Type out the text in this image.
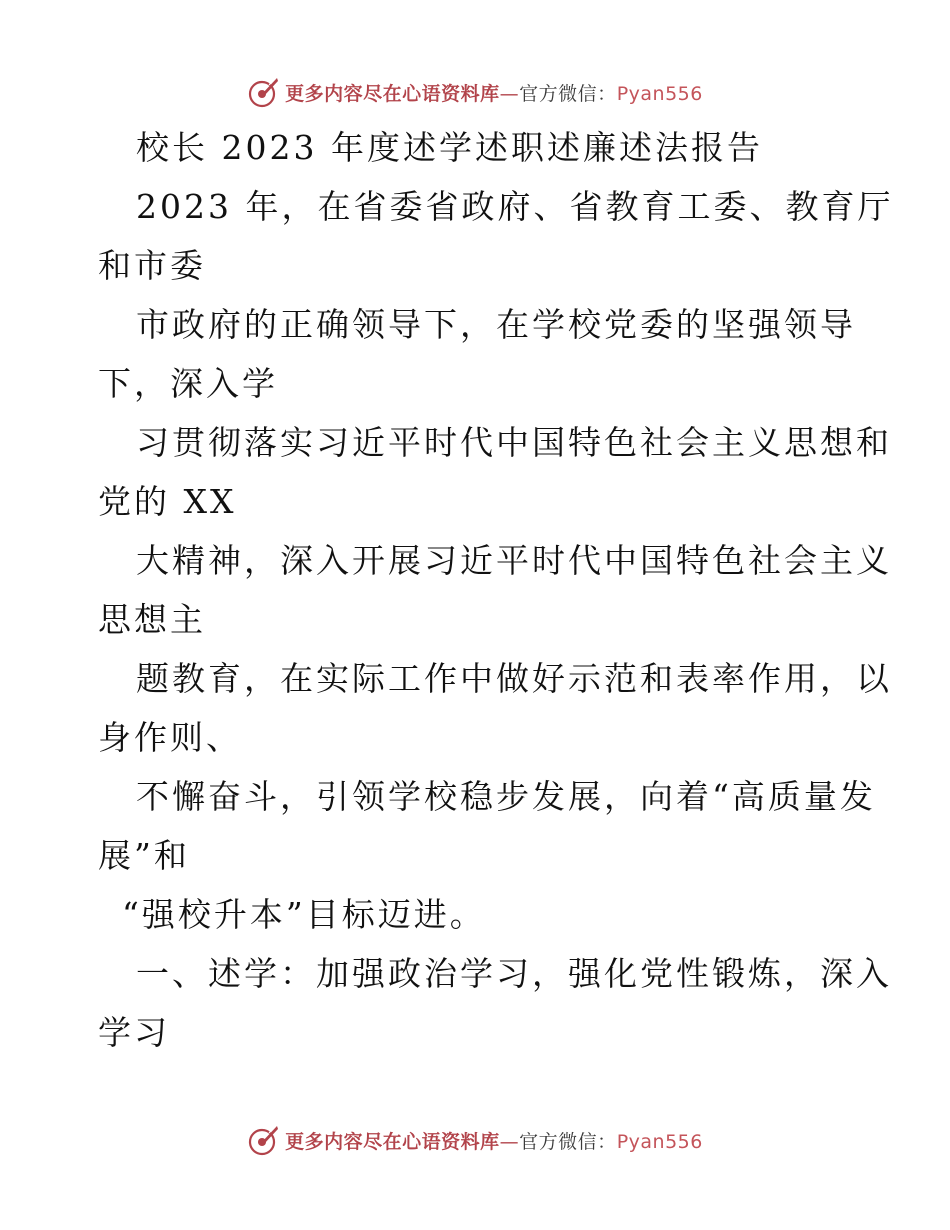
更多内容尽在心语资料库—官方微信：Pyan556
校长 2023 年度述学述职述廉述法报告
2023 年，在省委省政府、省教育工委、教育厅
和市委
市政府的正确领导下，在学校党委的坚强领导
下，深入学
习贯彻落实习近平时代中国特色社会主义思想和
党的 XX
大精神，深入开展习近平时代中国特色社会主义
思想主
题教育，在实际工作中做好示范和表率作用，以
身作则、
不懈奋斗，引领学校稳步发展，向着“高质量发
展”和
“强校升本”目标迈进。
一、述学：加强政治学习，强化党性锻炼，深入
学习
更多内容尽在心语资料库—官方微信：Pyan556
